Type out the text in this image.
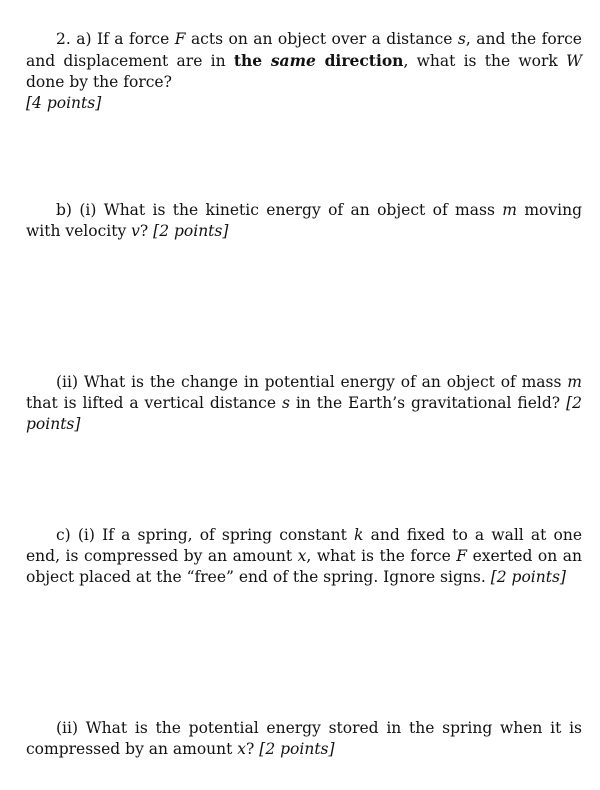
2. a) If a force F acts on an object over a distance s, and the force and displacement are in the same direction, what is the work W done by the force?
[4 points]

b) (i) What is the kinetic energy of an object of mass m moving with velocity v? [2 points]

(ii) What is the change in potential energy of an object of mass m that is lifted a vertical distance s in the Earth’s gravitational field? [2 points]

c) (i) If a spring, of spring constant k and fixed to a wall at one end, is compressed by an amount x, what is the force F exerted on an object placed at the “free” end of the spring. Ignore signs. [2 points]

(ii) What is the potential energy stored in the spring when it is compressed by an amount x? [2 points]
